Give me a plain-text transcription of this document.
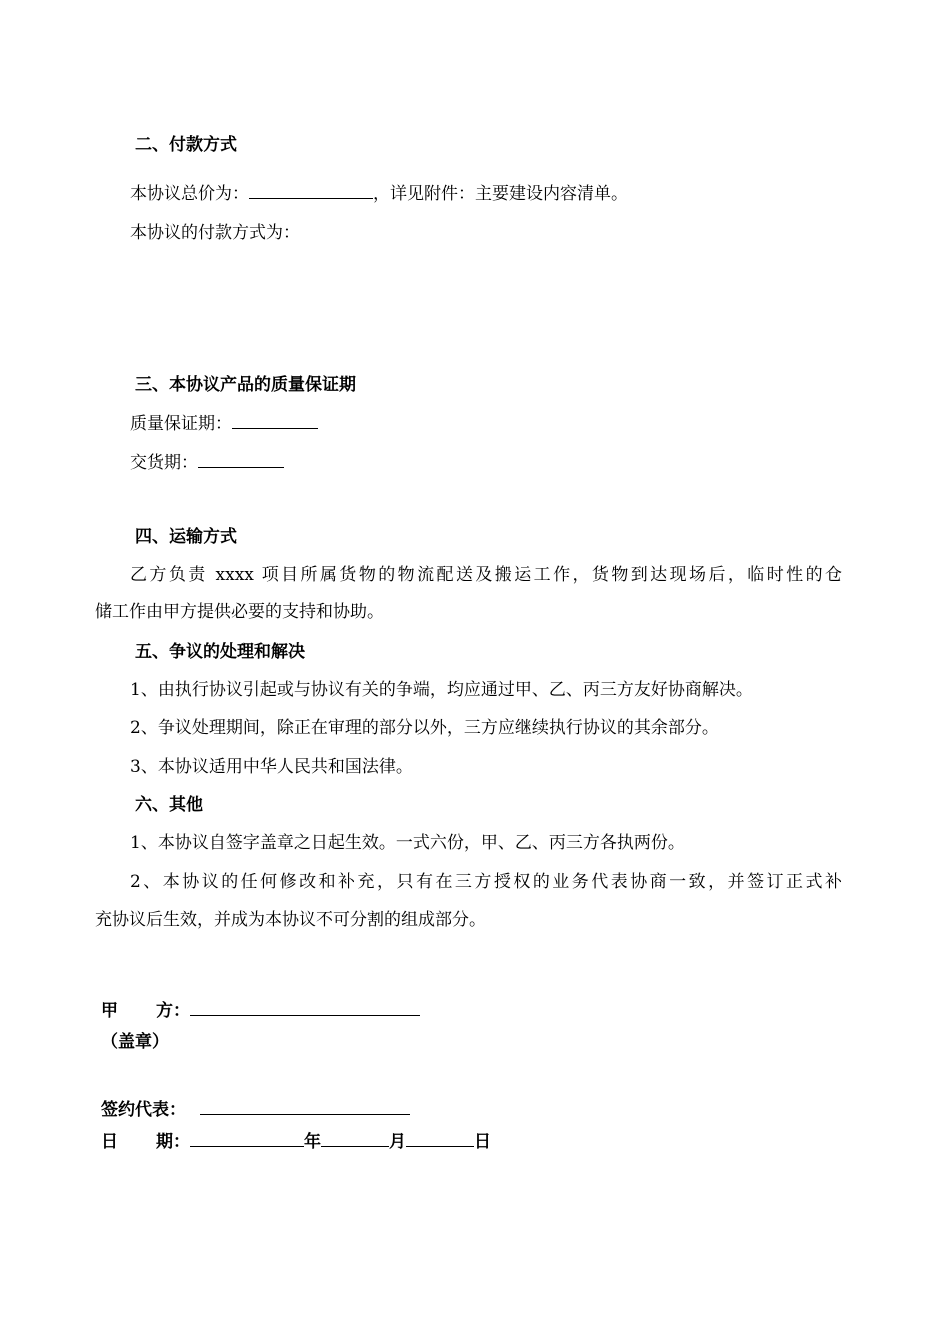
二、付款方式
本协议总价为：	，详见附件：主要建设内容清单。
本协议的付款方式为：
三、本协议产品的质量保证期
质量保证期：
交货期：
四、运输方式
乙方负责 xxxx 项目所属货物的物流配送及搬运工作，货物到达现场后，临时性的仓
储工作由甲方提供必要的支持和协助。
五、争议的处理和解决
1、由执行协议引起或与协议有关的争端，均应通过甲、乙、丙三方友好协商解决。
2、争议处理期间，除正在审理的部分以外，三方应继续执行协议的其余部分。
3、本协议适用中华人民共和国法律。
六、其他
1、本协议自签字盖章之日起生效。一式六份，甲、乙、丙三方各执两份。
2、本协议的任何修改和补充，只有在三方授权的业务代表协商一致，并签订正式补
充协议后生效，并成为本协议不可分割的组成部分。
甲 方：
（盖章）
签约代表：
日 期：	年	月	日
